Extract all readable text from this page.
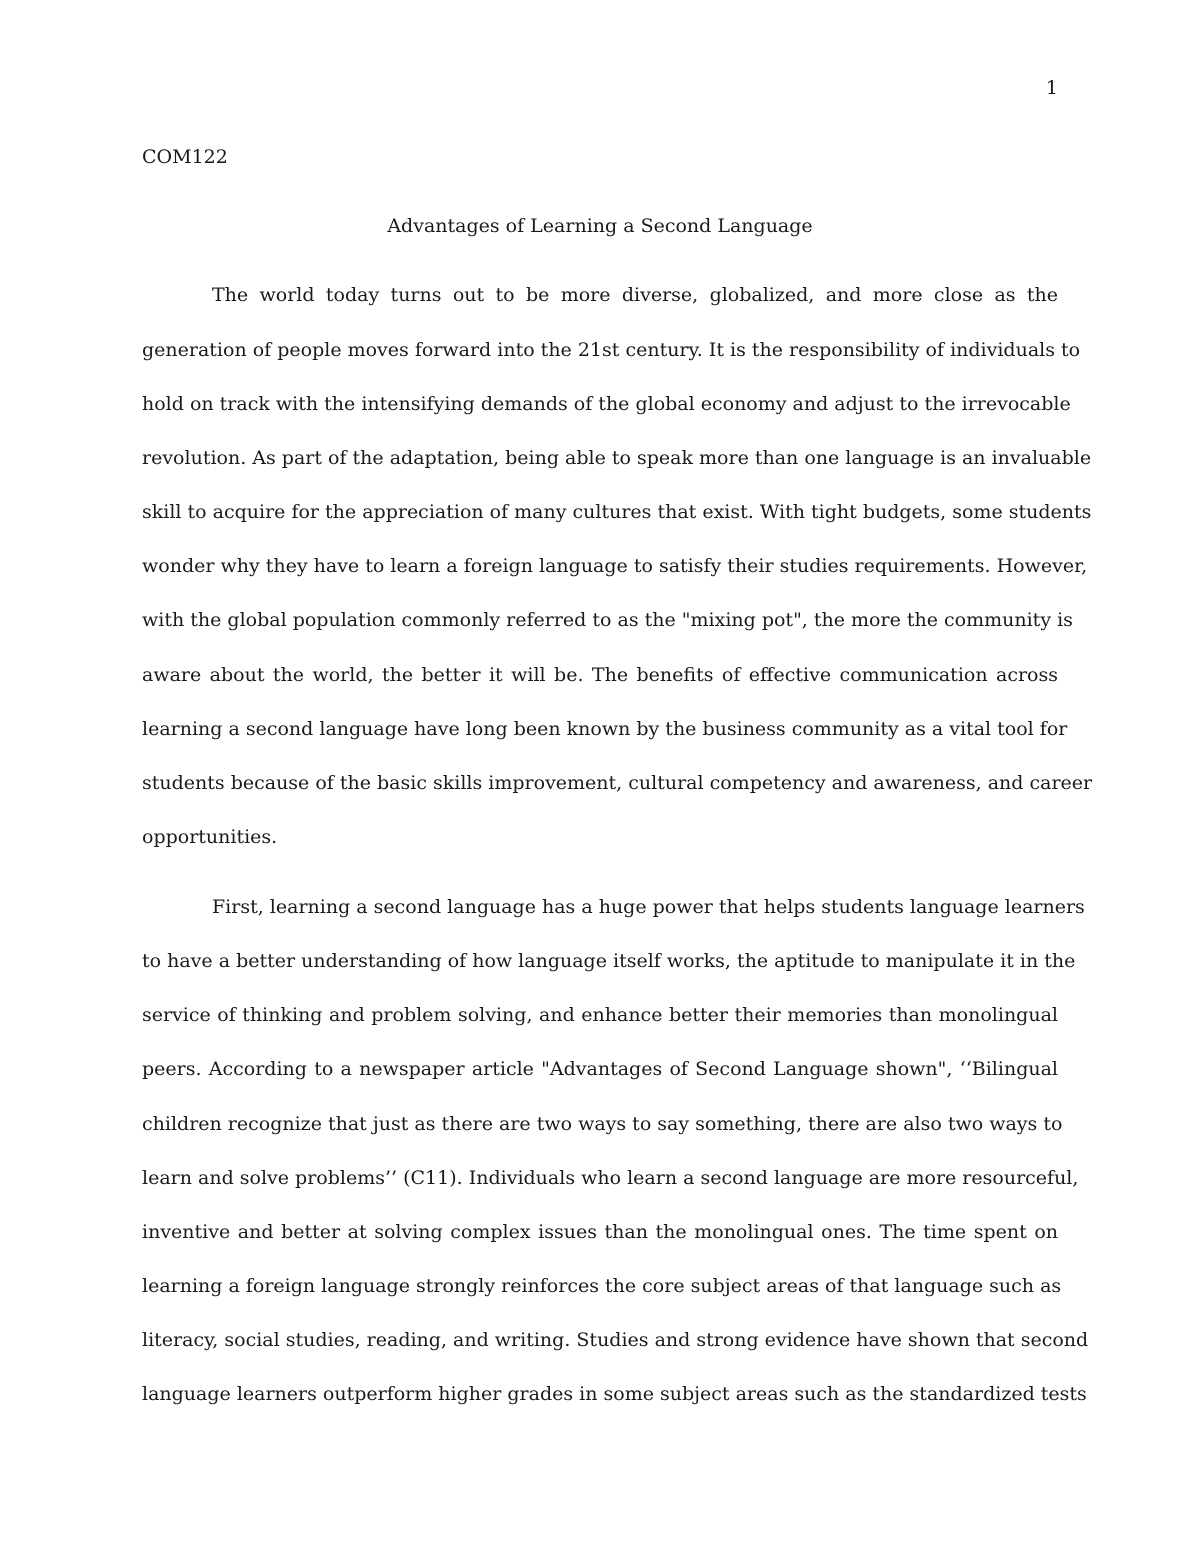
1
COM122
Advantages of Learning a Second Language
The world today turns out to be more diverse, globalized, and more close as the
generation of people moves forward into the 21st century. It is the responsibility of individuals to
hold on track with the intensifying demands of the global economy and adjust to the irrevocable
revolution. As part of the adaptation, being able to speak more than one language is an invaluable
skill to acquire for the appreciation of many cultures that exist. With tight budgets, some students
wonder why they have to learn a foreign language to satisfy their studies requirements. However,
with the global population commonly referred to as the "mixing pot", the more the community is
aware about the world, the better it will be. The benefits of effective communication across
learning a second language have long been known by the business community as a vital tool for
students because of the basic skills improvement, cultural competency and awareness, and career
opportunities.
First, learning a second language has a huge power that helps students language learners
to have a better understanding of how language itself works, the aptitude to manipulate it in the
service of thinking and problem solving, and enhance better their memories than monolingual
peers. According to a newspaper article "Advantages of Second Language shown", ‘‘Bilingual
children recognize that just as there are two ways to say something, there are also two ways to
learn and solve problems’’ (C11). Individuals who learn a second language are more resourceful,
inventive and better at solving complex issues than the monolingual ones. The time spent on
learning a foreign language strongly reinforces the core subject areas of that language such as
literacy, social studies, reading, and writing. Studies and strong evidence have shown that second
language learners outperform higher grades in some subject areas such as the standardized tests
